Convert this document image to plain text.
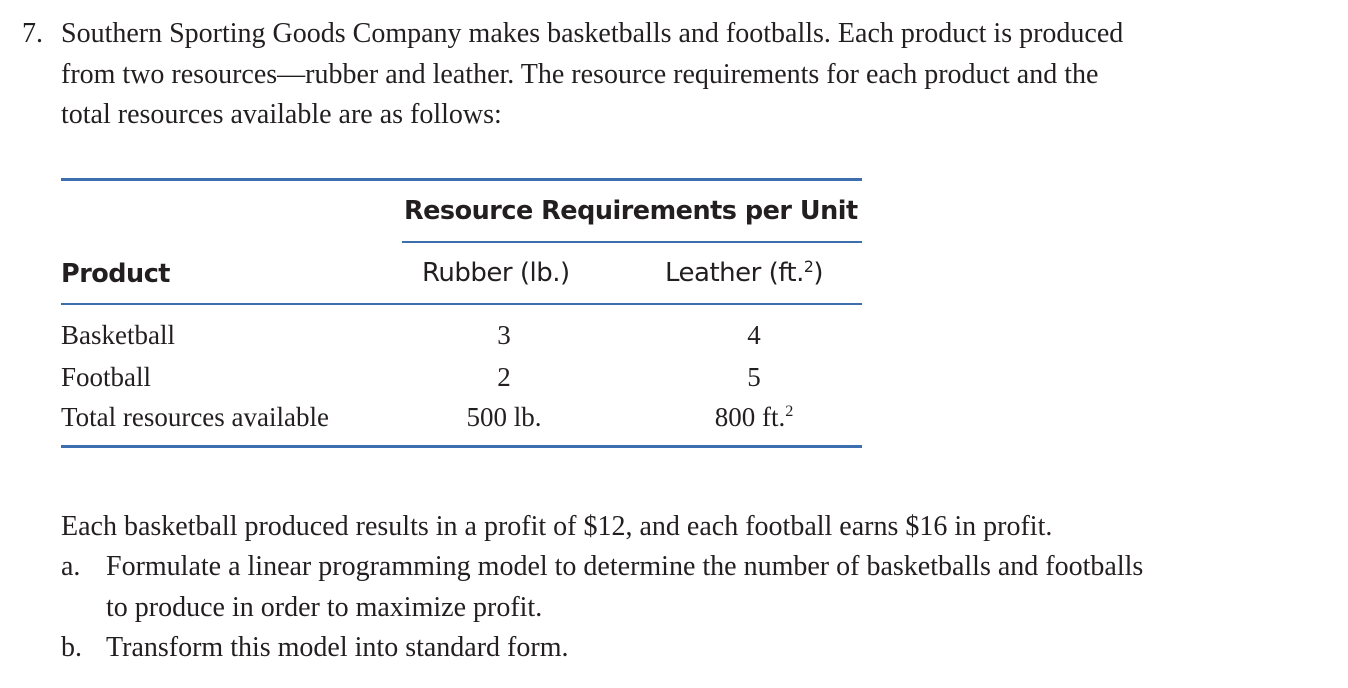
7. Southern Sporting Goods Company makes basketballs and footballs. Each product is produced
from two resources—rubber and leather. The resource requirements for each product and the
total resources available are as follows:
Resource Requirements per Unit
Product	Rubber (lb.)	Leather (ft.$^2$)
Basketball	3	4
Football	2	5
Total resources available	500 lb.	800 ft.$^2$
Each basketball produced results in a profit of $12, and each football earns $16 in profit.
a. Formulate a linear programming model to determine the number of basketballs and footballs
to produce in order to maximize profit.
b. Transform this model into standard form.
